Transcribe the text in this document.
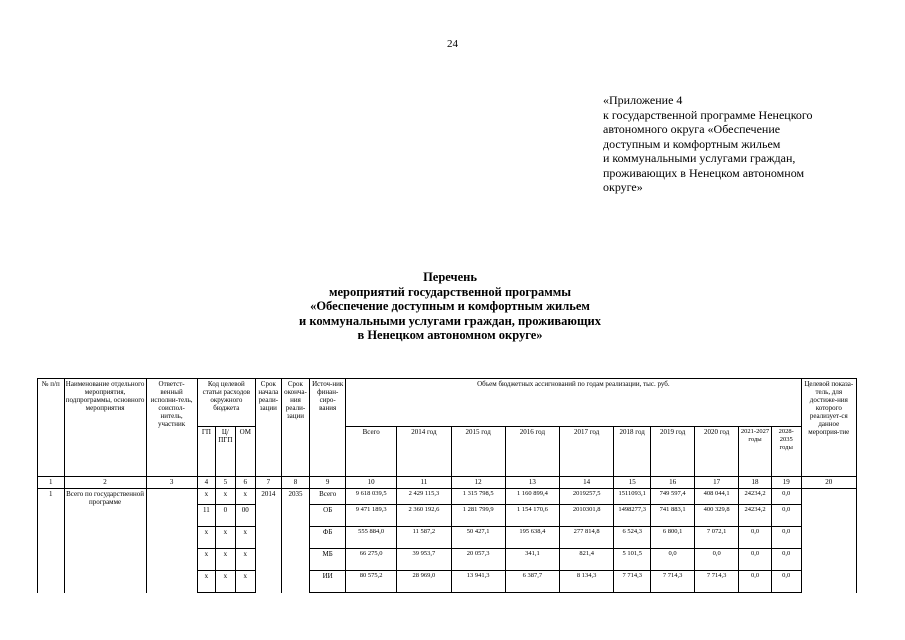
24
«Приложение 4
к государственной программе Ненецкого
автономного округа «Обеспечение
доступным и комфортным жильем
и коммунальными услугами граждан,
проживающих в Ненецком автономном
округе»
Перечень
мероприятий государственной программы
«Обеспечение доступным и комфортным жильем
и коммунальными услугами граждан, проживающих
в Ненецком автономном округе»
№ п/п	Наименование отдельного мероприятия, подпрограммы, основного мероприятия	Ответст-венный исполни-тель, соиспол-нитель, участник	Код целевой статьи расходов окружного бюджета			Срок начала реали-зации	Срок оконча-ния реали-зации	Источ-ник финан-сиро-вания	Объем бюджетных ассигнований по годам реализации, тыс. руб.										Целевой показа-тель, для достиже-ния которого реализует-ся данное мероприя-тие
			ГП	Ц/ ПГП	ОМ				Всего	2014 год	2015 год	2016 год	2017 год	2018 год	2019 год	2020 год	2021-2027 годы	2028-2035 годы	
1	2	3	4	5	6	7	8	9	10	11	12	13	14	15	16	17	18	19	20
1	Всего по государственной программе		х	х	х	2014	2035	Всего	9 618 039,5	2 429 115,3	1 315 798,5	1 160 899,4	2019257,5	1511093,1	749 597,4	408 044,1	24234,2	0,0	
			11	0	00			ОБ	9 471 189,3	2 360 192,6	1 281 799,9	1 154 170,6	2010301,8	1498277,3	741 883,1	400 329,8	24234,2	0,0	
			х	х	х			ФБ	555 884,0	11 587,2	50 427,1	195 638,4	277 814,8	6 524,3	6 800,1	7 072,1	0,0	0,0	
			х	х	х			МБ	66 275,0	39 953,7	20 057,3	341,1	821,4	5 101,5	0,0	0,0	0,0	0,0	
			х	х	х			ИИ	80 575,2	28 969,0	13 941,3	6 387,7	8 134,3	7 714,3	7 714,3	7 714,3	0,0	0,0	
